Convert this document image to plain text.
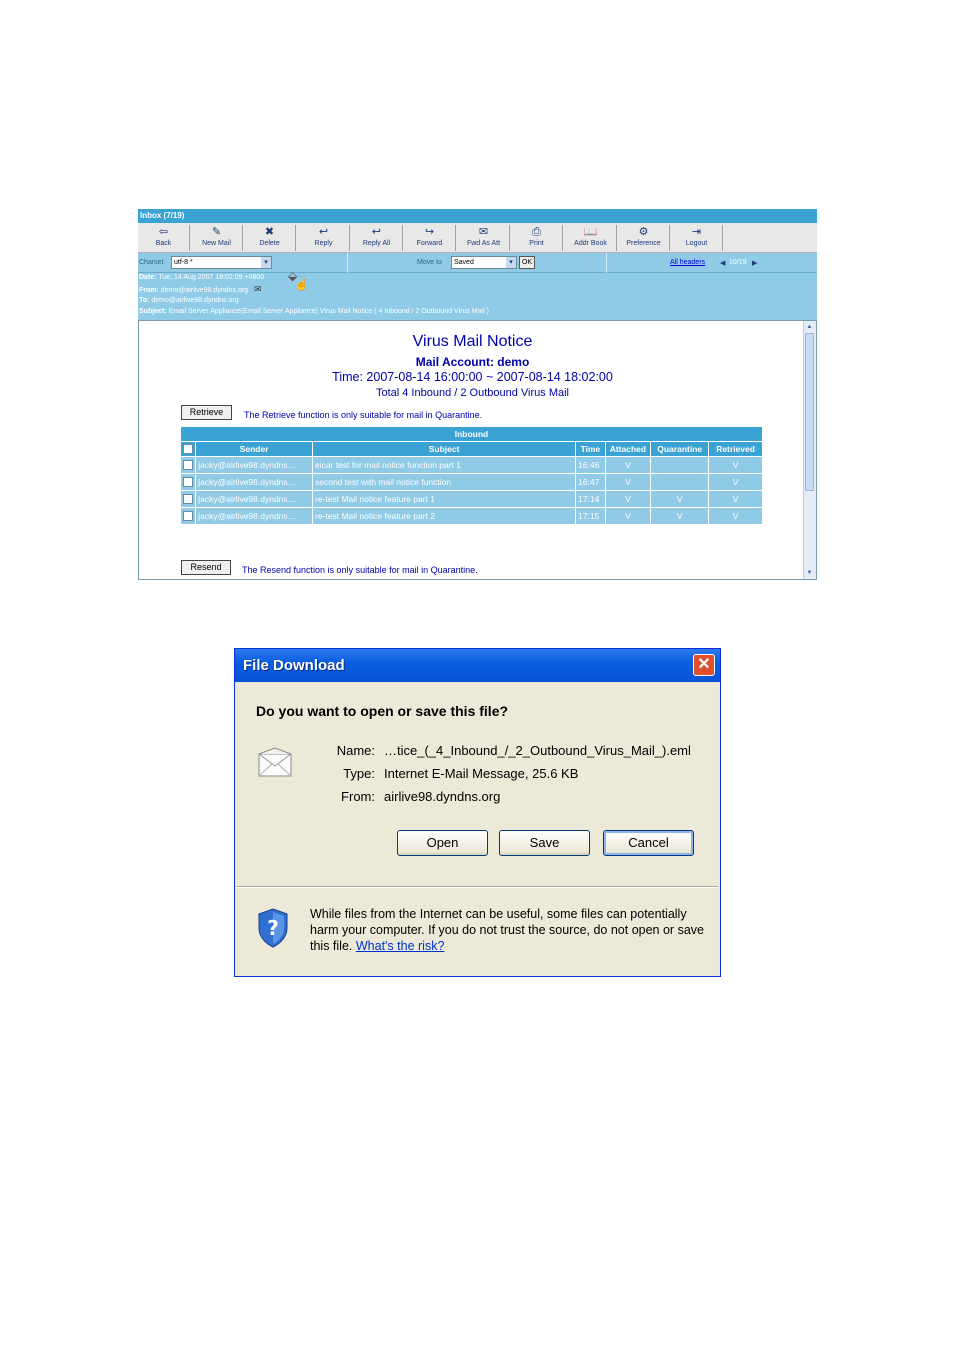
Inbox (7/19)
⇦
Back
✎
New Mail
✖
Delete
↩
Reply
↩
Reply All
↪
Forward
✉
Fwd As Att
⎙
Print
📖
Addr Book
⚙
Preference
⇥
Logout
Charset	utf-8 *	▾	Move to	Saved	▾	OK	All headers ◀ 10/19 ▶
Date: Tue, 14 Aug 2007 18:02:09 +0800 ⬙
☝
From: demo@airlive98.dyndns.org ✉
To: demo@airlive98.dyndns.org
Subject: Email Server Appliance(Email Server Appliance) Virus Mail Notice ( 4 Inbound / 2 Outbound Virus Mail )
Virus Mail Notice
Mail Account: demo
Time: 2007-08-14 16:00:00 ~ 2007-08-14 18:02:00
Total 4 Inbound / 2 Outbound Virus Mail
Retrieve	The Retrieve function is only suitable for mail in Quarantine.
Inbound						
	Sender	Subject	Time	Attached	Quarantine	Retrieved
	jacky@airlive98.dyndns....	eicar test for mail notice function part 1	16:46	V		V
	jacky@airlive98.dyndns....	second test with mail notice function	16:47	V		V
	jacky@airlive98.dyndns....	re-test Mail notice feature part 1	17:14	V	V	V
	jacky@airlive98.dyndns....	re-test Mail notice feature part 2	17:15	V	V	V
Resend	The Resend function is only suitable for mail in Quarantine.
▲
▼
File Download	✕
Do you want to open or save this file?
Name: …tice_(_4_Inbound_/_2_Outbound_Virus_Mail_).eml
Type: Internet E-Mail Message, 25.6 KB
From: airlive98.dyndns.org
Open	Save	Cancel
?
While files from the Internet can be useful, some files can potentially harm your computer. If you do not trust the source, do not open or save this file. What's the risk?
